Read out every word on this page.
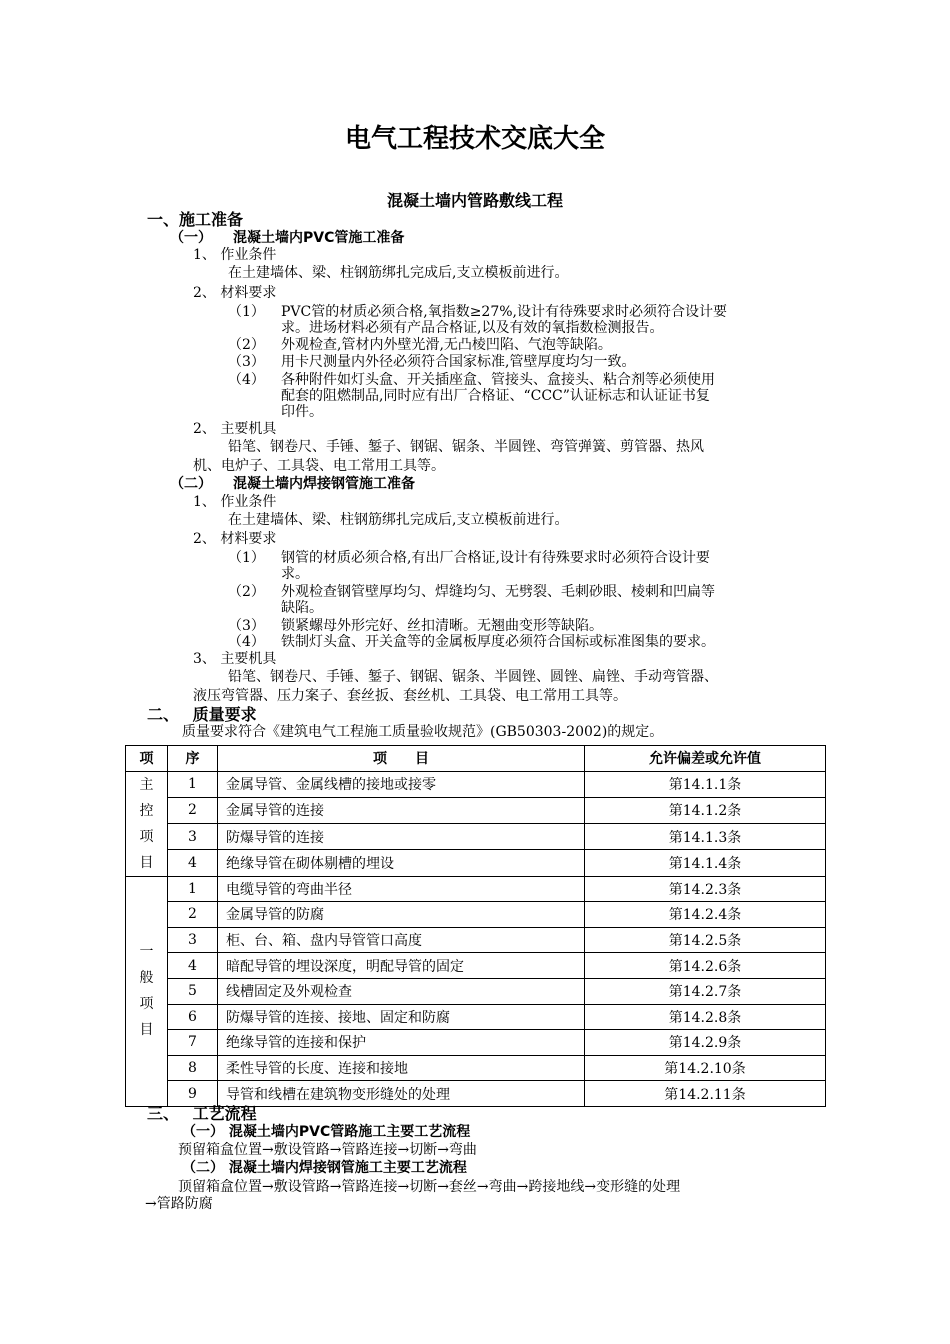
电气工程技术交底大全
混凝土墙内管路敷线工程
一、施工准备
（一）　　混凝土墙内PVC管施工准备
1、 作业条件
在土建墙体、梁、柱钢筋绑扎完成后,支立模板前进行。
2、 材料要求
（1） PVC管的材质必须合格,氧指数≥27%,设计有待殊要求时必须符合设计要
求。进场材料必须有产品合格证,以及有效的氧指数检测报告。
（2） 外观检查,管材内外壁光滑,无凸棱凹陷、气泡等缺陷。
（3） 用卡尺测量内外径必须符合国家标准,管壁厚度均匀一致。
（4） 各种附件如灯头盒、开关插座盒、管接头、盒接头、粘合剂等必须使用
配套的阻燃制品,同时应有出厂合格证、“CCC”认证标志和认证证书复
印件。
2、 主要机具
铅笔、钢卷尺、手锤、錾子、钢锯、锯条、半圆锉、弯管弹簧、剪管器、热风
机、电炉子、工具袋、电工常用工具等。
（二）　　混凝土墙内焊接钢管施工准备
1、 作业条件
在土建墙体、梁、柱钢筋绑扎完成后,支立模板前进行。
2、 材料要求
（1） 钢管的材质必须合格,有出厂合格证,设计有待殊要求时必须符合设计要
求。
（2） 外观检查钢管壁厚均匀、焊缝均匀、无劈裂、毛刺砂眼、棱刺和凹扁等
缺陷。
（3） 锁紧螺母外形完好、丝扣清晰。无翘曲变形等缺陷。
（4） 铁制灯头盒、开关盒等的金属板厚度必须符合国标或标准图集的要求。
3、 主要机具
铅笔、钢卷尺、手锤、錾子、钢锯、锯条、半圆锉、圆锉、扁锉、手动弯管器、
液压弯管器、压力案子、套丝扳、套丝机、工具袋、电工常用工具等。
二、　 质量要求
质量要求符合《建筑电气工程施工质量验收规范》(GB50303-2002)的规定。
项	序	项　　目	允许偏差或允许值

主
控
项
目	1	金属导管、金属线槽的接地或接零	第14.1.1条
	2	金属导管的连接	第14.1.2条
	3	防爆导管的连接	第14.1.3条
	4	绝缘导管在砌体剔槽的埋设	第14.1.4条

一
般
项
目	1	电缆导管的弯曲半径	第14.2.3条
	2	金属导管的防腐	第14.2.4条
	3	柜、台、箱、盘内导管管口高度	第14.2.5条
	4	暗配导管的埋设深度，明配导管的固定	第14.2.6条
	5	线槽固定及外观检查	第14.2.7条
	6	防爆导管的连接、接地、固定和防腐	第14.2.8条
	7	绝缘导管的连接和保护	第14.2.9条
	8	柔性导管的长度、连接和接地	第14.2.10条
	9	导管和线槽在建筑物变形缝处的处理	第14.2.11条
三、　 工艺流程
（一） 混凝土墙内PVC管路施工主要工艺流程
预留箱盒位置→敷设管路→管路连接→切断→弯曲
（二） 混凝土墙内焊接钢管施工主要工艺流程
顶留箱盒位置→敷设管路→管路连接→切断→套丝→弯曲→跨接地线→变形缝的处理
→管路防腐
